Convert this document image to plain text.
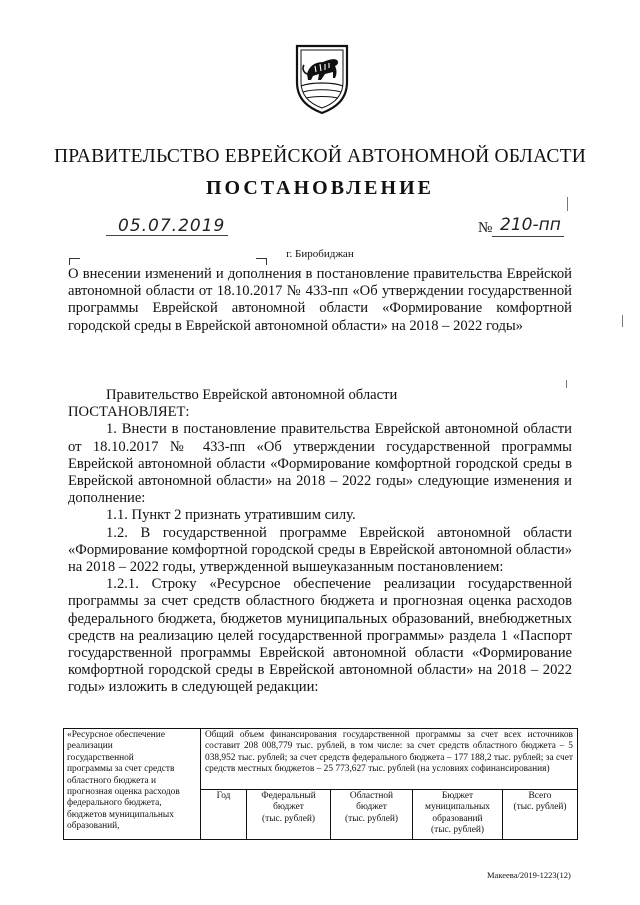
ПРАВИТЕЛЬСТВО ЕВРЕЙСКОЙ АВТОНОМНОЙ ОБЛАСТИ
ПОСТАНОВЛЕНИЕ
05.07.2019	№ 210-пп
г. Биробиджан
О внесении изменений и дополнения в постановление правительства Еврейской автономной области от 18.10.2017 № 433-пп «Об утверждении государственной программы Еврейской автономной области «Формирование комфортной городской среды в Еврейской автономной области» на 2018 – 2022 годы»

Правительство Еврейской автономной области

ПОСТАНОВЛЯЕТ:

1. Внести в постановление правительства Еврейской автономной области от 18.10.2017 № 433-пп «Об утверждении государственной программы Еврейской автономной области «Формирование комфортной городской среды в Еврейской автономной области» на 2018 – 2022 годы» следующие изменения и дополнение:

1.1. Пункт 2 признать утратившим силу.

1.2. В государственной программе Еврейской автономной области «Формирование комфортной городской среды в Еврейской автономной области» на 2018 – 2022 годы, утвержденной вышеуказанным постановлением:

1.2.1. Строку «Ресурсное обеспечение реализации государственной программы за счет средств областного бюджета и прогнозная оценка расходов федерального бюджета, бюджетов муниципальных образований, внебюджетных средств на реализацию целей государственной программы» раздела 1 «Паспорт государственной программы Еврейской автономной области «Формирование комфортной городской среды в Еврейской автономной области» на 2018 – 2022 годы» изложить в следующей редакции:

«Ресурсное обеспечение
реализации
государственной
программы за счет средств
областного бюджета и
прогнозная оценка расходов
федерального бюджета,
бюджетов муниципальных
образований,
Общий объем финансирования государственной программы за счет всех источников составит 208 008,779 тыс. рублей, в том числе: за счет средств областного бюджета – 5 038,952 тыс. рублей; за счет средств федерального бюджета – 177 188,2 тыс. рублей; за счет средств местных бюджетов – 25 773,627 тыс. рублей (на условиях софинансирования)
Год	Федеральный
бюджет
(тыс. рублей)
Областной
бюджет
(тыс. рублей)
Бюджет
муниципальных
образований
(тыс. рублей)
Всего
(тыс. рублей)
Макеева/2019-1223(12)
